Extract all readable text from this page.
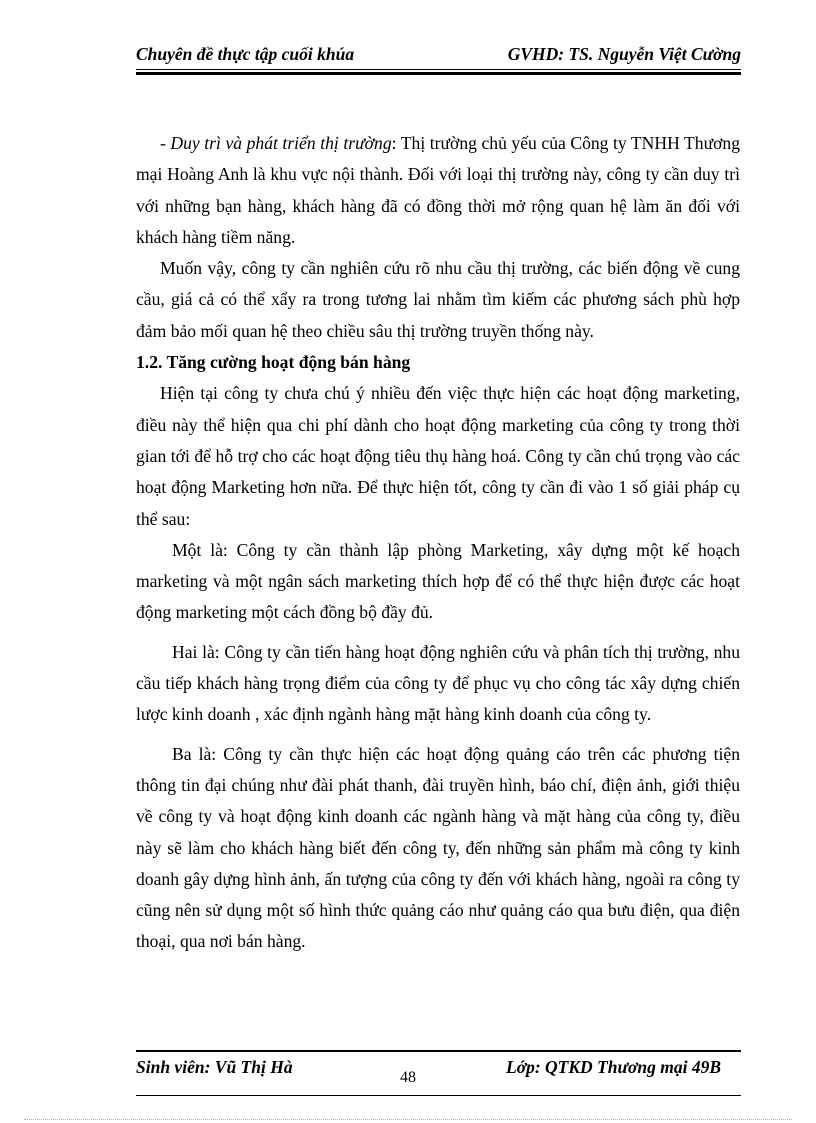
Chuyên đề thực tập cuối khúa	GVHD: TS. Nguyễn Việt Cường

- Duy trì và phát triển thị trường: Thị trường chủ yếu của Công ty TNHH Thương mại Hoàng Anh là khu vực nội thành. Đối với loại thị trường này, công ty cần duy trì với những bạn hàng, khách hàng đã có đồng thời mở rộng quan hệ làm ăn đối với khách hàng tiềm năng.

Muốn vậy, công ty cần nghiên cứu rõ nhu cầu thị trường, các biến động về cung cầu, giá cả có thể xẩy ra trong tương lai nhằm tìm kiếm các phương sách phù hợp đảm bảo mối quan hệ theo chiều sâu thị trường truyền thống này.

1.2. Tăng cường hoạt động bán hàng

Hiện tại công ty chưa chú ý nhiều đến việc thực hiện các hoạt động marketing, điều này thể hiện qua chi phí dành cho hoạt động marketing của công ty trong thời gian tới để hỗ trợ cho các hoạt động tiêu thụ hàng hoá. Công ty cần chú trọng vào các hoạt động Marketing hơn nữa. Để thực hiện tốt, công ty cần đi vào 1 số giải pháp cụ thể sau:

Một là: Công ty cần thành lập phòng Marketing, xây dựng một kế hoạch marketing và một ngân sách marketing thích hợp để có thể thực hiện được các hoạt động marketing một cách đồng bộ đầy đủ.

Hai là: Công ty cần tiến hàng hoạt động nghiên cứu và phân tích thị trường, nhu cầu tiếp khách hàng trọng điểm của công ty để phục vụ cho công tác xây dựng chiến lược kinh doanh , xác định ngành hàng mặt hàng kinh doanh của công ty.

Ba là: Công ty cần thực hiện các hoạt động quảng cáo trên các phương tiện thông tin đại chúng như đài phát thanh, đài truyền hình, báo chí, điện ảnh, giới thiệu về công ty và hoạt động kinh doanh các ngành hàng và mặt hàng của công ty, điều này sẽ làm cho khách hàng biết đến công ty, đến những sản phẩm mà công ty kinh doanh gây dựng hình ảnh, ấn tượng của công ty đến với khách hàng, ngoài ra công ty cũng nên sử dụng một số hình thức quảng cáo như quảng cáo qua bưu điện, qua điện thoại, qua nơi bán hàng.

Sinh viên: Vũ Thị Hà	Lớp: QTKD Thương mại 49B
48
